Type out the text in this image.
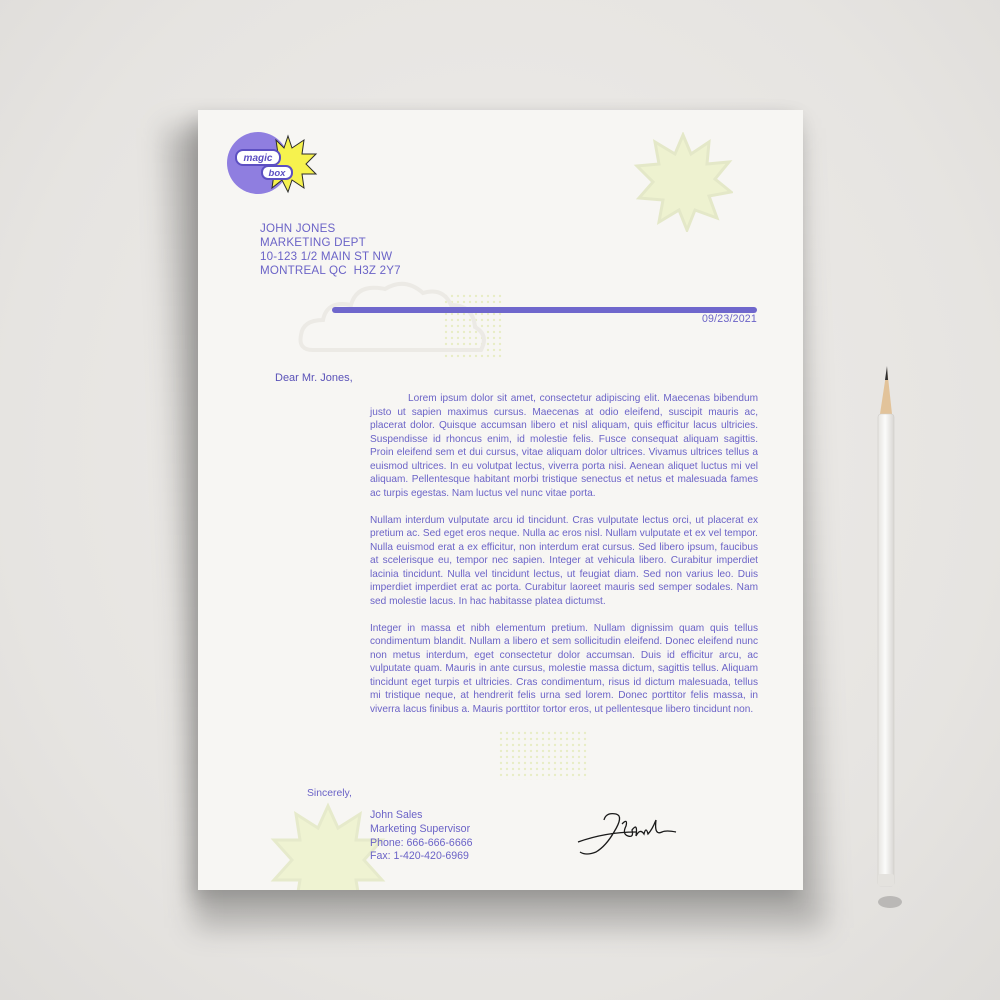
magic
box
JOHN JONES
MARKETING DEPT
10-123 1/2 MAIN ST NW
MONTREAL QC  H3Z 2Y7
09/23/2021
Dear Mr. Jones,

Lorem ipsum dolor sit amet, consectetur adipiscing elit. Maecenas bibendum justo ut sapien maximus cursus. Maecenas at odio eleifend, suscipit mauris ac, placerat dolor. Quisque accumsan libero et nisl aliquam, quis efficitur lacus ultricies. Suspendisse id rhoncus enim, id molestie felis. Fusce consequat aliquam sagittis. Proin eleifend sem et dui cursus, vitae aliquam dolor ultrices. Vivamus ultrices tellus a euismod ultrices. In eu volutpat lectus, viverra porta nisi. Aenean aliquet luctus mi vel aliquam. Pellentesque habitant morbi tristique senectus et netus et malesuada fames ac turpis egestas. Nam luctus vel nunc vitae porta.

Nullam interdum vulputate arcu id tincidunt. Cras vulputate lectus orci, ut placerat ex pretium ac. Sed eget eros neque. Nulla ac eros nisl. Nullam vulputate et ex vel tempor. Nulla euismod erat a ex efficitur, non interdum erat cursus. Sed libero ipsum, faucibus at scelerisque eu, tempor nec sapien. Integer at vehicula libero. Curabitur imperdiet lacinia tincidunt. Nulla vel tincidunt lectus, ut feugiat diam. Sed non varius leo. Duis imperdiet imperdiet erat ac porta. Curabitur laoreet mauris sed semper sodales. Nam sed molestie lacus. In hac habitasse platea dictumst.

Integer in massa et nibh elementum pretium. Nullam dignissim quam quis tellus condimentum blandit. Nullam a libero et sem sollicitudin eleifend. Donec eleifend nunc non metus interdum, eget consectetur dolor accumsan. Duis id efficitur arcu, ac vulputate quam. Mauris in ante cursus, molestie massa dictum, sagittis tellus. Aliquam tincidunt eget turpis et ultricies. Cras condimentum, risus id dictum malesuada, tellus mi tristique neque, at hendrerit felis urna sed lorem. Donec porttitor felis massa, in viverra lacus finibus a. Mauris porttitor tortor eros, ut pellentesque libero tincidunt non.

Sincerely,
John Sales
Marketing Supervisor
Phone: 666-666-6666
Fax: 1-420-420-6969
